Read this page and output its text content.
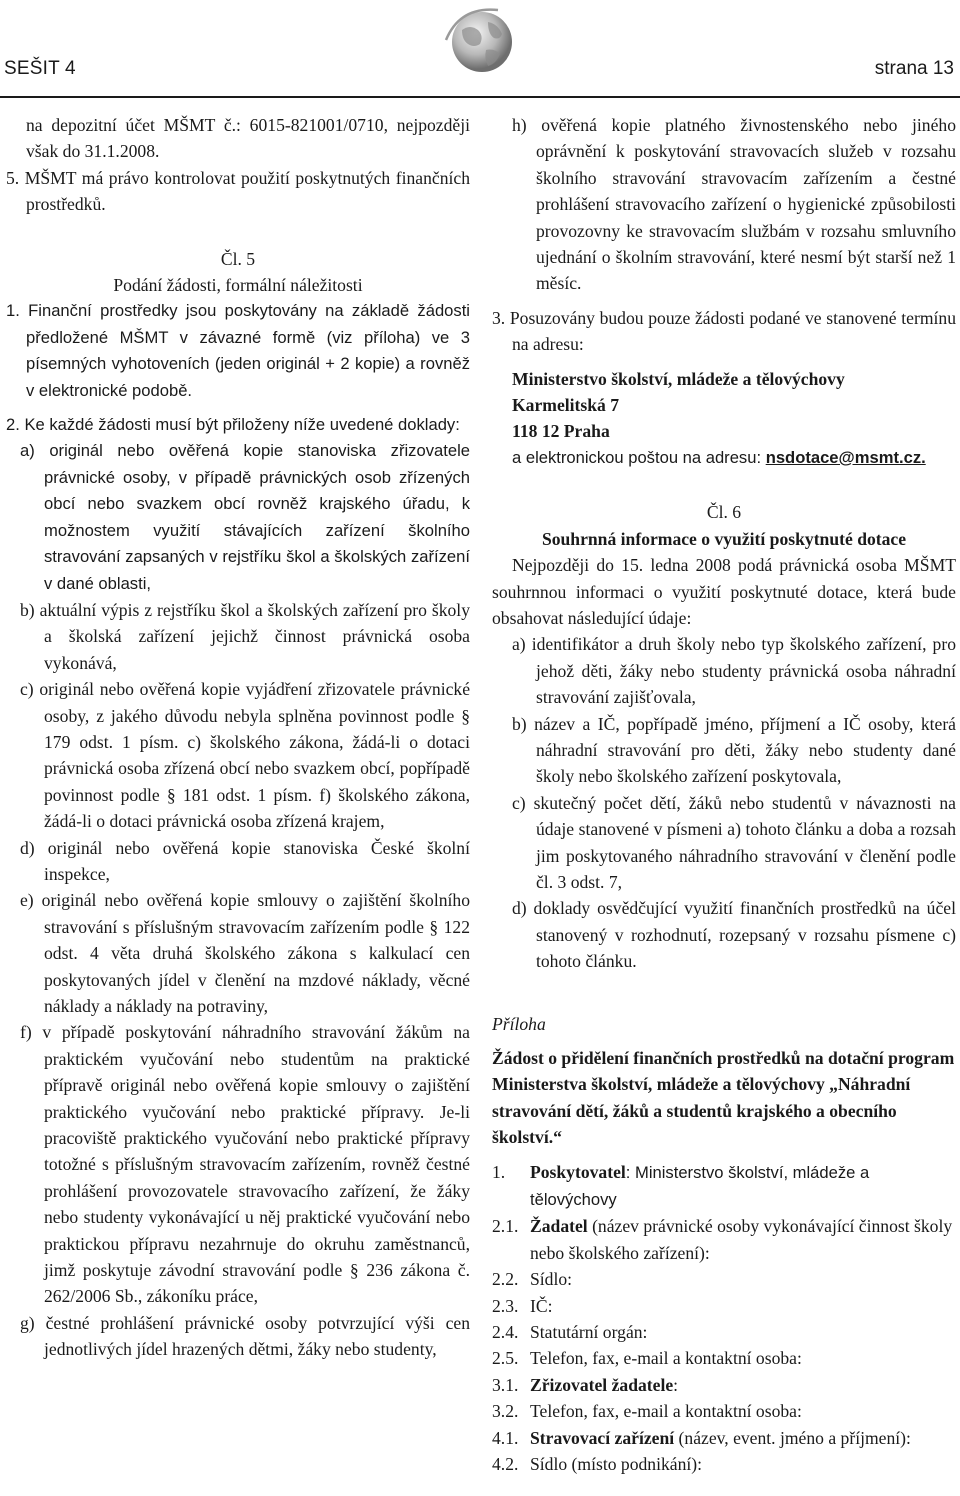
SEŠIT 4	strana 13

na depozitní účet MŠMT č.: 6015-821001/0710, nejpozději však do 31.1.2008.

5. MŠMT má právo kontrolovat použití poskytnutých finančních prostředků.

Čl. 5

Podání žádosti, formální náležitosti

1. Finanční prostředky jsou poskytovány na základě žádosti předložené MŠMT v závazné formě (viz příloha) ve 3 písemných vyhotoveních (jeden originál + 2 kopie) a rovněž v elektronické podobě.

2. Ke každé žádosti musí být přiloženy níže uvedené doklady:

a) originál nebo ověřená kopie stanoviska zřizovatele právnické osoby, v případě právnických osob zřízených obcí nebo svazkem obcí rovněž krajského úřadu, k možnostem využití stávajících zařízení školního stravování zapsaných v rejstříku škol a školských zařízení v dané oblasti,

b) aktuální výpis z rejstříku škol a školských zařízení pro školy a školská zařízení jejichž činnost právnická osoba vykonává,

c) originál nebo ověřená kopie vyjádření zřizovatele právnické osoby, z jakého důvodu nebyla splněna povinnost podle § 179 odst. 1 písm. c) školského zákona, žádá-li o dotaci právnická osoba zřízená obcí nebo svazkem obcí, popřípadě povinnost podle § 181 odst. 1 písm. f) školského zákona, žádá-li o dotaci právnická osoba zřízená krajem,

d) originál nebo ověřená kopie stanoviska České školní inspekce,

e) originál nebo ověřená kopie smlouvy o zajištění školního stravování s příslušným stravovacím zařízením podle § 122 odst. 4 věta druhá školského zákona s kalkulací cen poskytovaných jídel v členění na mzdové náklady, věcné náklady a náklady na potraviny,

f) v případě poskytování náhradního stravování žákům na praktickém vyučování nebo studentům na praktické přípravě originál nebo ověřená kopie smlouvy o zajištění praktického vyučování nebo praktické přípravy. Je-li pracoviště praktického vyučování nebo praktické přípravy totožné s příslušným stravovacím zařízením, rovněž čestné prohlášení provozovatele stravovacího zařízení, že žáky nebo studenty vykonávající u něj praktické vyučování nebo praktickou přípravu nezahrnuje do okruhu zaměstnanců, jimž poskytuje závodní stravování podle § 236 zákona č. 262/2006 Sb., zákoníku práce,

g) čestné prohlášení právnické osoby potvrzující výši cen jednotlivých jídel hrazených dětmi, žáky nebo studenty,

h) ověřená kopie platného živnostenského nebo jiného oprávnění k poskytování stravovacích služeb v rozsahu školního stravování stravovacím zařízením a čestné prohlášení stravovacího zařízení o hygienické způsobilosti provozovny ke stravovacím službám v rozsahu smluvního ujednání o školním stravování, které nesmí být starší než 1 měsíc.

3. Posuzovány budou pouze žádosti podané ve stanovené termínu na adresu:

Ministerstvo školství, mládeže a tělovýchovy

Karmelitská 7

118 12 Praha

a elektronickou poštou na adresu: nsdotace@msmt.cz.

Čl. 6

Souhrnná informace o využití poskytnuté dotace

Nejpozději do 15. ledna 2008 podá právnická osoba MŠMT souhrnnou informaci o využití poskytnuté dotace, která bude obsahovat následující údaje:

a) identifikátor a druh školy nebo typ školského zařízení, pro jehož děti, žáky nebo studenty právnická osoba náhradní stravování zajišťovala,

b) název a IČ, popřípadě jméno, příjmení a IČ osoby, která náhradní stravování pro děti, žáky nebo studenty dané školy nebo školského zařízení poskytovala,

c) skutečný počet dětí, žáků nebo studentů v návaznosti na údaje stanovené v písmeni a) tohoto článku a doba a rozsah jim poskytovaného náhradního stravování v členění podle čl. 3 odst. 7,

d) doklady osvědčující využití finančních prostředků na účel stanovený v rozhodnutí, rozepsaný v rozsahu písmene c) tohoto článku.

Příloha

Žádost o přidělení finančních prostředků na dotační program Ministerstva školství, mládeže a tělovýchovy „Náhradní stravování dětí, žáků a studentů krajského a obecního školství.“

1. Poskytovatel: Ministerstvo školství, mládeže a tělovýchovy

2.1. Žadatel (název právnické osoby vykonávající činnost školy nebo školského zařízení):

2.2. Sídlo:

2.3. IČ:

2.4. Statutární orgán:

2.5. Telefon, fax, e-mail a kontaktní osoba:

3.1. Zřizovatel žadatele:

3.2. Telefon, fax, e-mail a kontaktní osoba:

4.1. Stravovací zařízení (název, event. jméno a příjmení):

4.2. Sídlo (místo podnikání):
